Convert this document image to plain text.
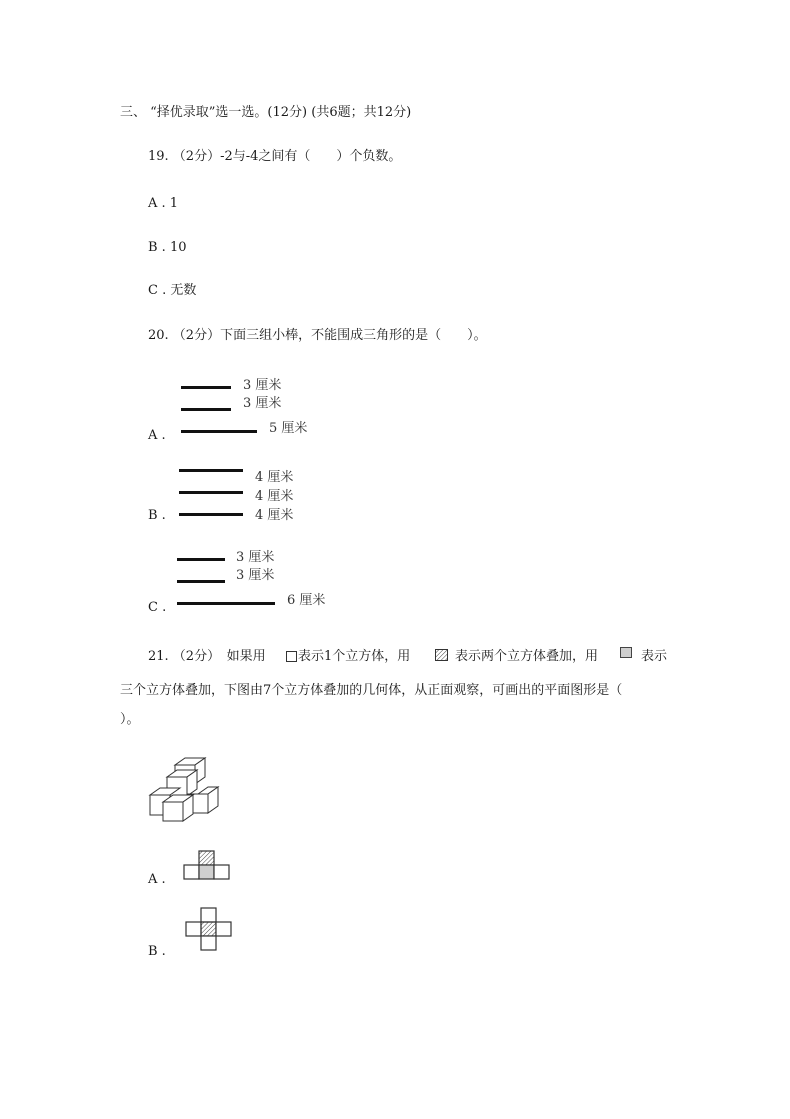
三、 “择优录取”选一选。(12分) (共6题；共12分)
19. （2分）-2与-4之间有（　　）个负数。
A . 1
B . 10
C . 无数
20. （2分）下面三组小棒，不能围成三角形的是（　　）。
A .
3 厘米
3 厘米
5 厘米
B .
4 厘米
4 厘米
4 厘米
C .
3 厘米
3 厘米
6 厘米
21. （2分）　如果用 表示1个立方体，用	表示两个立方体叠加，用	表示
三个立方体叠加，下图由7个立方体叠加的几何体，从正面观察，可画出的平面图形是（
）。
A .
B .
